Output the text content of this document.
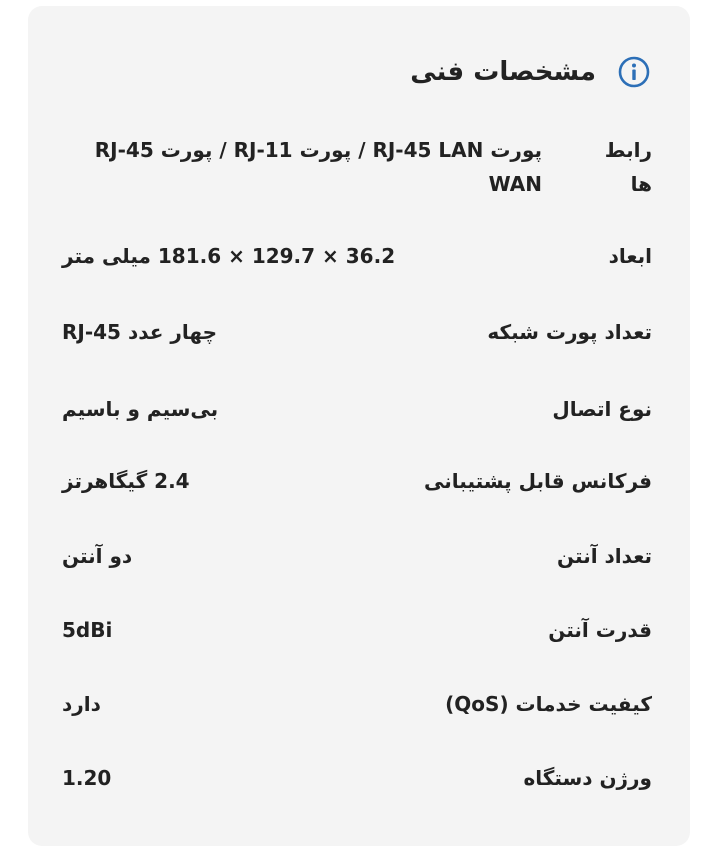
مشخصات فنی
رابط ها
پورت RJ-45 LAN / پورت RJ-11 / پورت RJ-45 WAN
ابعاد
36.2 × 129.7 × 181.6 میلی متر
تعداد پورت شبکه
چهار عدد RJ-45
نوع اتصال
بی‌سیم و باسیم
فرکانس قابل پشتیبانی
2.4 گیگاهرتز
تعداد آنتن
دو آنتن
قدرت آنتن
5dBi
کیفیت خدمات (QoS)
دارد
ورژن دستگاه
1.20
